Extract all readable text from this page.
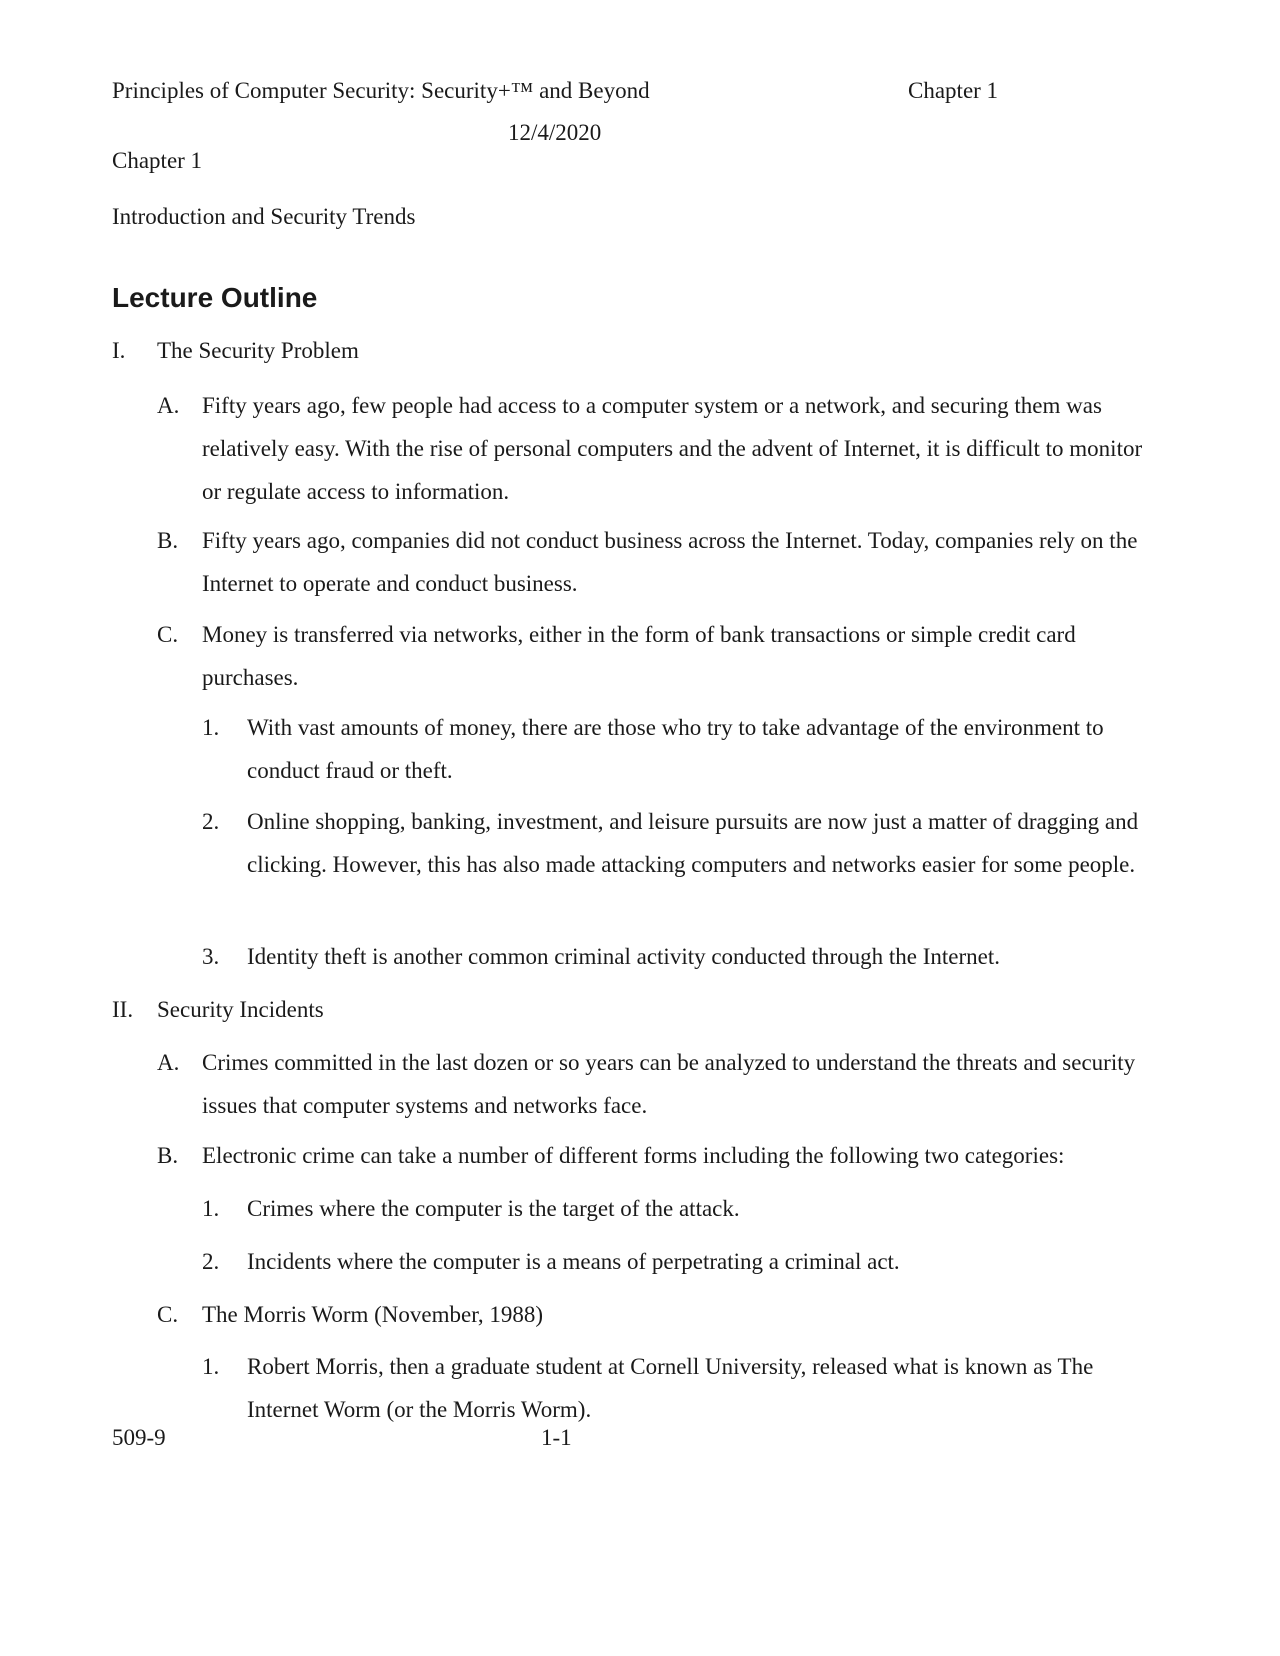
Principles of Computer Security: Security+™ and Beyond	Chapter 1
12/4/2020
Chapter 1
Introduction and Security Trends
Lecture Outline
I. The Security Problem
A. Fifty years ago, few people had access to a computer system or a network, and securing them was relatively easy. With the rise of personal computers and the advent of Internet, it is difficult to monitor or regulate access to information.
B. Fifty years ago, companies did not conduct business across the Internet. Today, companies rely on the Internet to operate and conduct business.
C. Money is transferred via networks, either in the form of bank transactions or simple credit card purchases.
1. With vast amounts of money, there are those who try to take advantage of the environment to conduct fraud or theft.
2. Online shopping, banking, investment, and leisure pursuits are now just a matter of dragging and clicking. However, this has also made attacking computers and networks easier for some people.
3. Identity theft is another common criminal activity conducted through the Internet.
II. Security Incidents
A. Crimes committed in the last dozen or so years can be analyzed to understand the threats and security issues that computer systems and networks face.
B. Electronic crime can take a number of different forms including the following two categories:
1. Crimes where the computer is the target of the attack.
2. Incidents where the computer is a means of perpetrating a criminal act.
C. The Morris Worm (November, 1988)
1. Robert Morris, then a graduate student at Cornell University, released what is known as The Internet Worm (or the Morris Worm).
509-9	1-1
